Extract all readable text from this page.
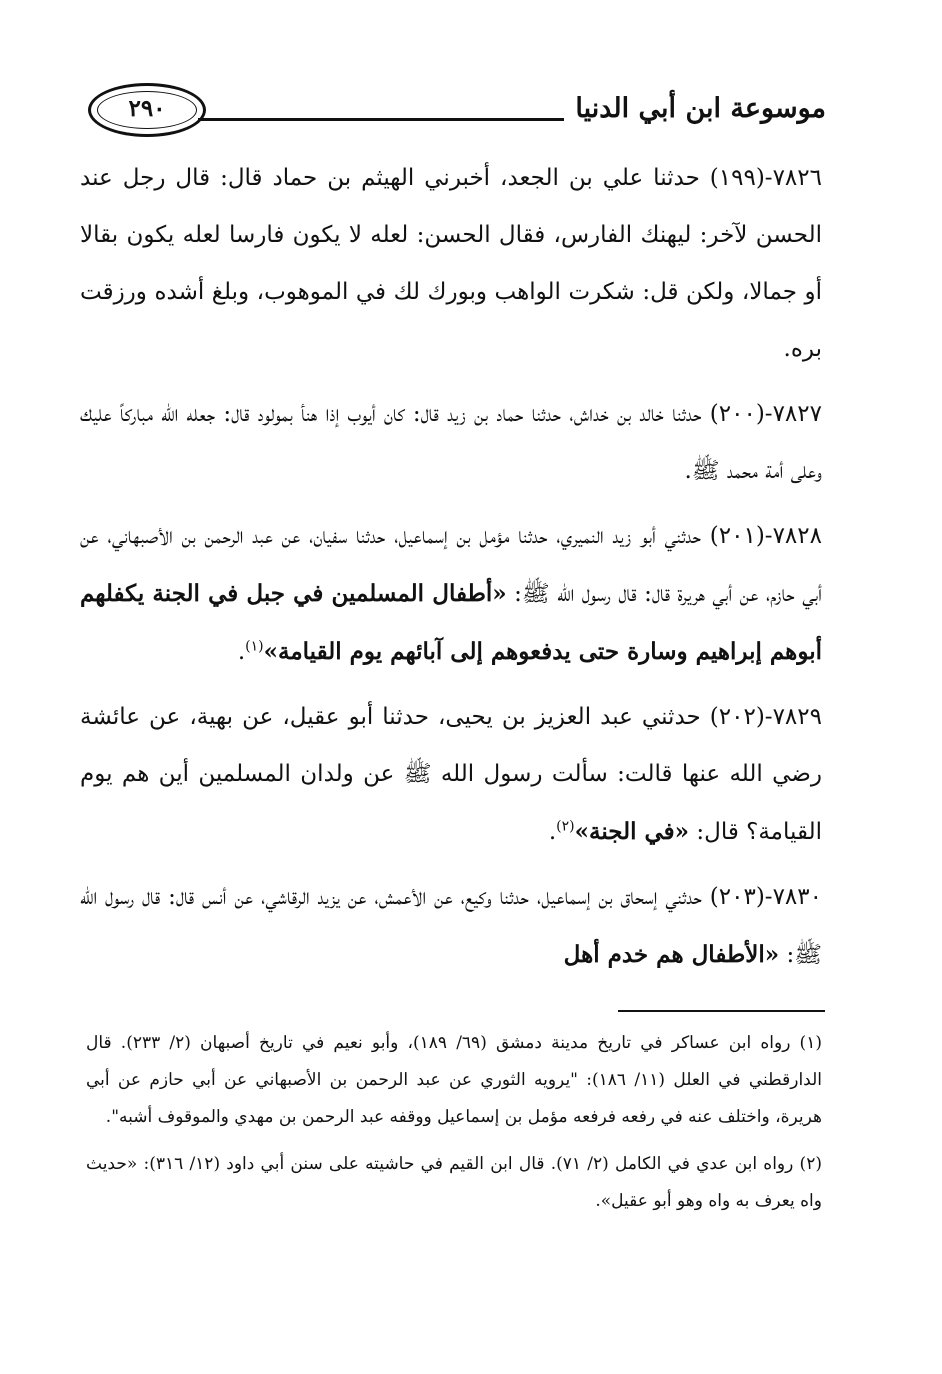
٢٩٠	موسوعة ابن أبي الدنيا

٧٨٢٦-(١٩٩) حدثنا علي بن الجعد، أخبرني الهيثم بن حماد قال: قال رجل عند الحسن لآخر: ليهنك الفارس، فقال الحسن: لعله لا يكون فارسا لعله يكون بقالا أو جمالا، ولكن قل: شكرت الواهب وبورك لك في الموهوب، وبلغ أشده ورزقت بره.

٧٨٢٧-(٢٠٠) حدثنا خالد بن خداش، حدثنا حماد بن زيد قال: كان أيوب إذا هنأ بمولود قال: جعله الله مباركاً عليك وعلى أمة محمد ﷺ.

٧٨٢٨-(٢٠١) حدثني أبو زيد النميري، حدثنا مؤمل بن إسماعيل، حدثنا سفيان، عن عبد الرحمن بن الأصبهاني، عن أبي حازم، عن أبي هريرة قال: قال رسول الله ﷺ: «أطفال المسلمين في جبل في الجنة يكفلهم أبوهم إبراهيم وسارة حتى يدفعوهم إلى آبائهم يوم القيامة»$^{(١)}$.

٧٨٢٩-(٢٠٢) حدثني عبد العزيز بن يحيى، حدثنا أبو عقيل، عن بهية، عن عائشة رضي الله عنها قالت: سألت رسول الله ﷺ عن ولدان المسلمين أين هم يوم القيامة؟ قال: «في الجنة»$^{(٢)}$.

٧٨٣٠-(٢٠٣) حدثني إسحاق بن إسماعيل، حدثنا وكيع، عن الأعمش، عن يزيد الرقاشي، عن أنس قال: قال رسول الله ﷺ: «الأطفال هم خدم أهل

(١) رواه ابن عساكر في تاريخ مدينة دمشق (٦٩/ ١٨٩)، وأبو نعيم في تاريخ أصبهان (٢/ ٢٣٣). قال الدارقطني في العلل (١١/ ١٨٦): "يرويه الثوري عن عبد الرحمن بن الأصبهاني عن أبي حازم عن أبي هريرة، واختلف عنه في رفعه فرفعه مؤمل بن إسماعيل ووقفه عبد الرحمن بن مهدي والموقوف أشبه".

(٢) رواه ابن عدي في الكامل (٢/ ٧١). قال ابن القيم في حاشيته على سنن أبي داود (١٢/ ٣١٦): «حديث واه يعرف به واه وهو أبو عقيل».
